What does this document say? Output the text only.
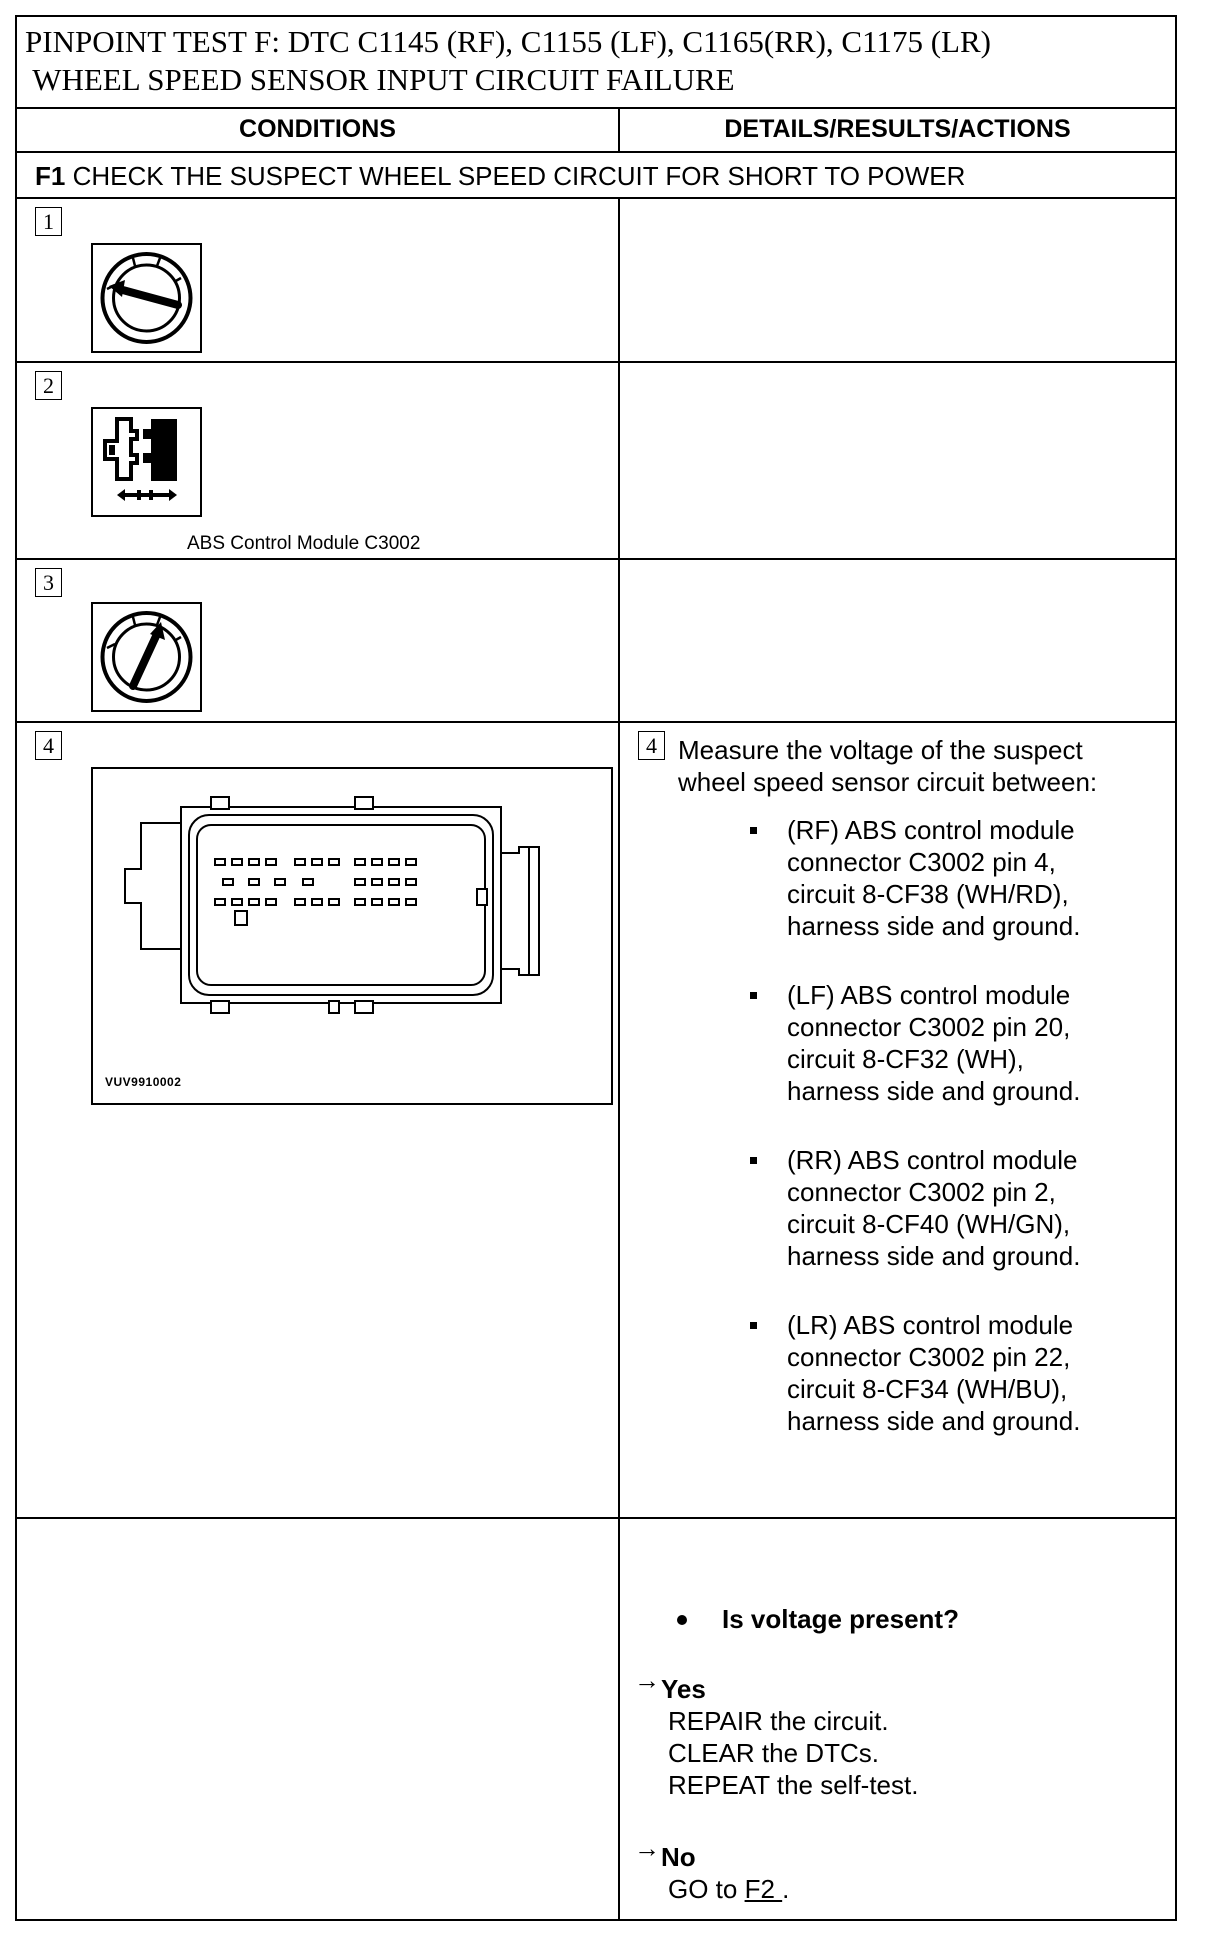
PINPOINT TEST F: DTC C1145 (RF), C1155 (LF), C1165(RR), C1175 (LR)
WHEEL SPEED SENSOR INPUT CIRCUIT FAILURE
CONDITIONS	DETAILS/RESULTS/ACTIONS
F1 CHECK THE SUSPECT WHEEL SPEED CIRCUIT FOR SHORT TO POWER
1
2
ABS Control Module C3002
3
4
VUV9910002
4 Measure the voltage of the suspect
wheel speed sensor circuit between:
(RF) ABS control module
connector C3002 pin 4,
circuit 8-CF38 (WH/RD),
harness side and ground.
(LF) ABS control module
connector C3002 pin 20,
circuit 8-CF32 (WH),
harness side and ground.
(RR) ABS control module
connector C3002 pin 2,
circuit 8-CF40 (WH/GN),
harness side and ground.
(LR) ABS control module
connector C3002 pin 22,
circuit 8-CF34 (WH/BU),
harness side and ground.
Is voltage present?
→ Yes
REPAIR the circuit.
CLEAR the DTCs.
REPEAT the self-test.
→ No
GO to F2 .
